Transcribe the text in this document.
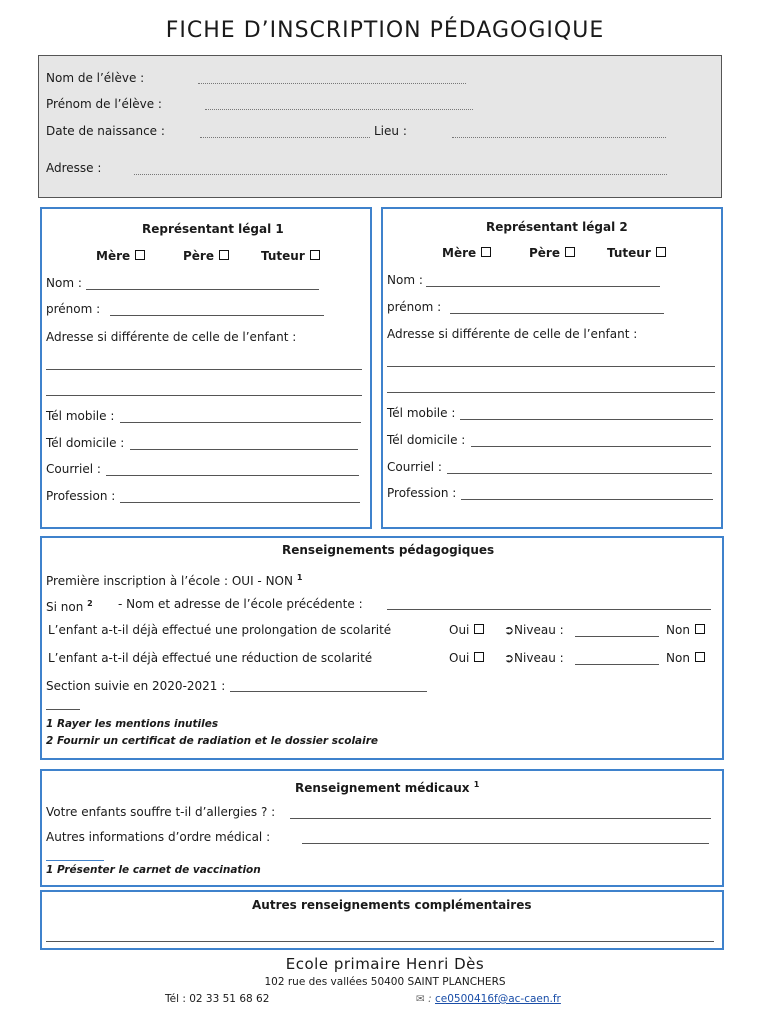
FICHE D’INSCRIPTION PÉDAGOGIQUE
Nom de l’élève :
Prénom de l’élève :
Date de naissance :	Lieu :
Adresse :
Représentant légal 1
Mère	Père	Tuteur
Nom :
prénom :
Adresse si différente de celle de l’enfant :
Tél mobile :
Tél domicile :
Courriel :
Profession :
Représentant légal 2
Mère	Père	Tuteur
Nom :
prénom :
Adresse si différente de celle de l’enfant :
Tél mobile :
Tél domicile :
Courriel :
Profession :
Renseignements pédagogiques
Première inscription à l’école : OUI - NON $^1$
Si non $^2$ - Nom et adresse de l’école précédente :
L’enfant a-t-il déjà effectué une prolongation de scolarité	Oui	➲Niveau :	Non
L’enfant a-t-il déjà effectué une réduction de scolarité	Oui	➲Niveau :	Non
Section suivie en 2020-2021 :
1 Rayer les mentions inutiles
2 Fournir un certificat de radiation et le dossier scolaire
Renseignement médicaux $^1$
Votre enfants souffre t-il d’allergies ? :
Autres informations d’ordre médical :
1 Présenter le carnet de vaccination
Autres renseignements complémentaires
Ecole primaire Henri Dès
102 rue des vallées 50400 SAINT PLANCHERS
Tél : 02 33 51 68 62	✉ : ce0500416f@ac-caen.fr
